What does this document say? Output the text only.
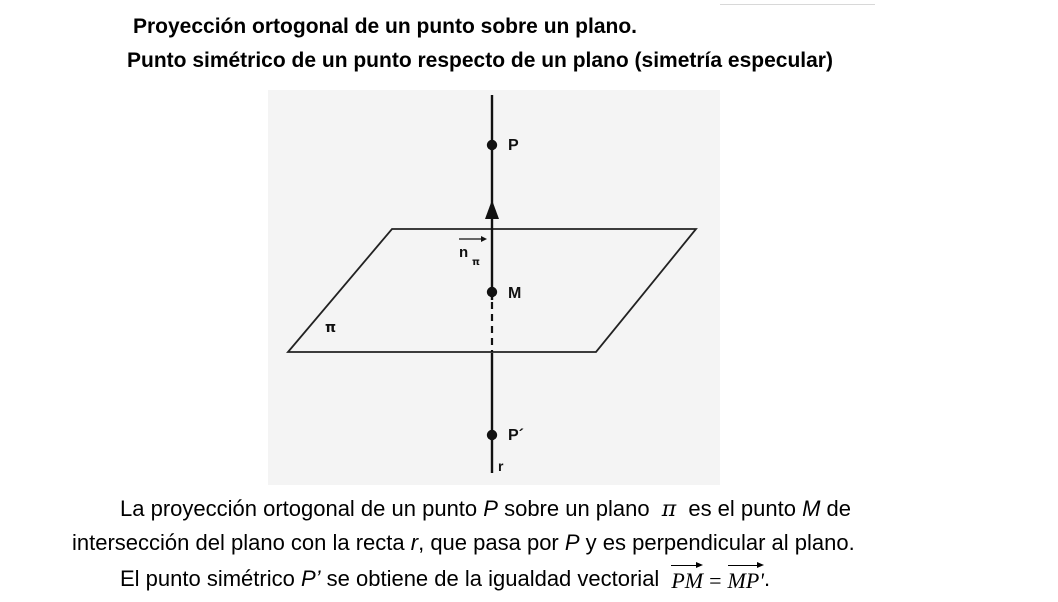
Proyección ortogonal de un punto sobre un plano.
Punto simétrico de un punto respecto de un plano (simetría especular)
n
π
P
M
P´
r
π
La proyección ortogonal de un punto P sobre un plano π es el punto M de
intersección del plano con la recta r, que pasa por P y es perpendicular al plano.
El punto simétrico P’ se obtiene de la igualdad vectorial PM = MP'.
